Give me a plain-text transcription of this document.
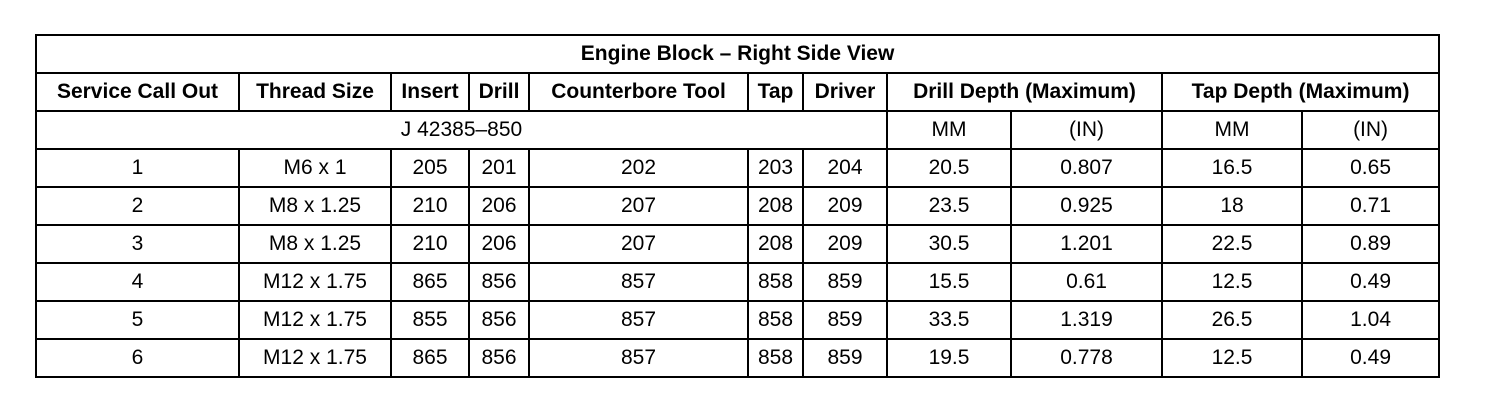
Engine Block – Right Side View										
Service Call Out	Thread Size	Insert	Drill	Counterbore Tool	Tap	Driver	Drill Depth (Maximum)		Tap Depth (Maximum)	
J 42385–850							MM	(IN)	MM	(IN)
1	M6 x 1	205	201	202	203	204	20.5	0.807	16.5	0.65
2	M8 x 1.25	210	206	207	208	209	23.5	0.925	18	0.71
3	M8 x 1.25	210	206	207	208	209	30.5	1.201	22.5	0.89
4	M12 x 1.75	865	856	857	858	859	15.5	0.61	12.5	0.49
5	M12 x 1.75	855	856	857	858	859	33.5	1.319	26.5	1.04
6	M12 x 1.75	865	856	857	858	859	19.5	0.778	12.5	0.49
